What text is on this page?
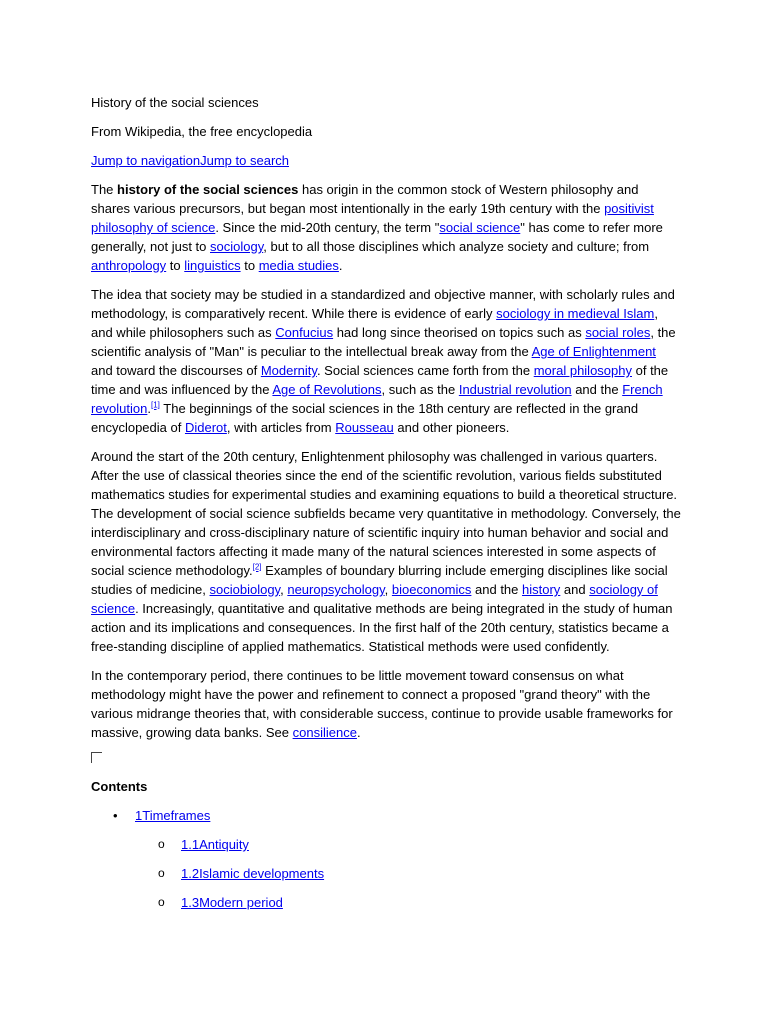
History of the social sciences

From Wikipedia, the free encyclopedia

Jump to navigationJump to search

The history of the social sciences has origin in the common stock of Western philosophy and shares various precursors, but began most intentionally in the early 19th century with the positivist philosophy of science. Since the mid-20th century, the term "social science" has come to refer more generally, not just to sociology, but to all those disciplines which analyze society and culture; from anthropology to linguistics to media studies.

The idea that society may be studied in a standardized and objective manner, with scholarly rules and methodology, is comparatively recent. While there is evidence of early sociology in medieval Islam, and while philosophers such as Confucius had long since theorised on topics such as social roles, the scientific analysis of "Man" is peculiar to the intellectual break away from the Age of Enlightenment and toward the discourses of Modernity. Social sciences came forth from the moral philosophy of the time and was influenced by the Age of Revolutions, such as the Industrial revolution and the French revolution.[1] The beginnings of the social sciences in the 18th century are reflected in the grand encyclopedia of Diderot, with articles from Rousseau and other pioneers.

Around the start of the 20th century, Enlightenment philosophy was challenged in various quarters. After the use of classical theories since the end of the scientific revolution, various fields substituted mathematics studies for experimental studies and examining equations to build a theoretical structure. The development of social science subfields became very quantitative in methodology. Conversely, the interdisciplinary and cross-disciplinary nature of scientific inquiry into human behavior and social and environmental factors affecting it made many of the natural sciences interested in some aspects of social science methodology.[2] Examples of boundary blurring include emerging disciplines like social studies of medicine, sociobiology, neuropsychology, bioeconomics and the history and sociology of science. Increasingly, quantitative and qualitative methods are being integrated in the study of human action and its implications and consequences. In the first half of the 20th century, statistics became a free-standing discipline of applied mathematics. Statistical methods were used confidently.

In the contemporary period, there continues to be little movement toward consensus on what methodology might have the power and refinement to connect a proposed "grand theory" with the various midrange theories that, with considerable success, continue to provide usable frameworks for massive, growing data banks. See consilience.

Contents

• 1Timeframes
o 1.1Antiquity
o 1.2Islamic developments
o 1.3Modern period
